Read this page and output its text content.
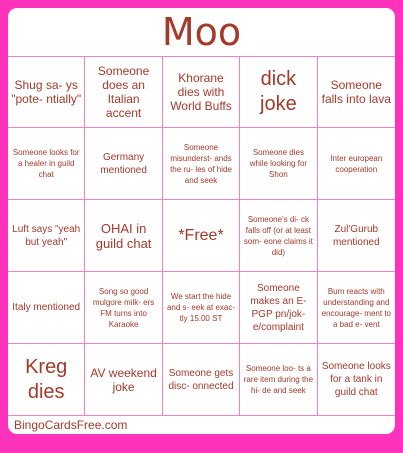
Moo
Shug sa- ys "pote- ntially"
Someone does an Italian accent
Khorane dies with World Buffs
dick joke
Someone falls into lava
Someone looks for a healer in guild chat
Germany mentioned
Someone misunderst- ands the ru- les of hide and seek
Someone dies while looking for Shon
Inter european cooperation
Luft says "yeah but yeah"
OHAI in guild chat	*Free*
Someone's di- ck falls off (or at least som- eone claims it did)
Zul'Gurub mentioned
Italy mentioned
Song so good mulgore milk- ers FM turns into Karaoke
We start the hide and s- eek at exac- tly 15.00 ST
Someone makes an E- PGP pn/jok- e/complaint
Bum reacts with understanding and encourage- ment to a bad e- vent
Kreg dies
AV weekend joke
Someone gets disc- onnected
Someone loo- ts a rare item during the hi- de and seek
Someone looks for a tank in guild chat
BingoCardsFree.com
